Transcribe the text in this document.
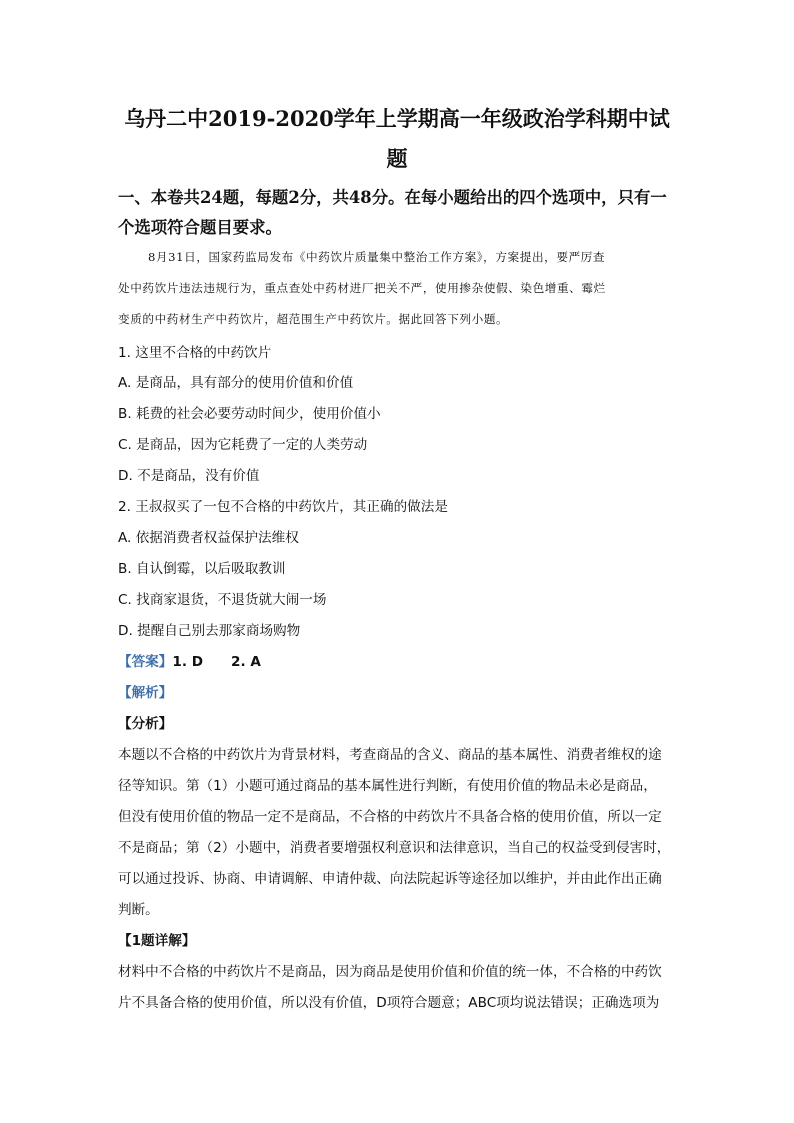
乌丹二中2019-2020学年上学期高一年级政治学科期中试
题
一、本卷共24题，每题2分，共48分。在每小题给出的四个选项中，只有一
个选项符合题目要求。
8月31日，国家药监局发布《中药饮片质量集中整治工作方案》，方案提出，要严厉查
处中药饮片违法违规行为，重点查处中药材进厂把关不严，使用掺杂使假、染色增重、霉烂
变质的中药材生产中药饮片，超范围生产中药饮片。据此回答下列小题。
1. 这里不合格的中药饮片
A. 是商品，具有部分的使用价值和价值
B. 耗费的社会必要劳动时间少，使用价值小
C. 是商品，因为它耗费了一定的人类劳动
D. 不是商品，没有价值
2. 王叔叔买了一包不合格的中药饮片，其正确的做法是
A. 依据消费者权益保护法维权
B. 自认倒霉，以后吸取教训
C. 找商家退货，不退货就大闹一场
D. 提醒自己别去那家商场购物
【答案】1. D 2. A
【解析】
【分析】
本题以不合格的中药饮片为背景材料，考查商品的含义、商品的基本属性、消费者维权的途
径等知识。第（1）小题可通过商品的基本属性进行判断，有使用价值的物品未必是商品，
但没有使用价值的物品一定不是商品，不合格的中药饮片不具备合格的使用价值，所以一定
不是商品；第（2）小题中，消费者要增强权利意识和法律意识，当自己的权益受到侵害时，
可以通过投诉、协商、申请调解、申请仲裁、向法院起诉等途径加以维护，并由此作出正确
判断。
【1题详解】
材料中不合格的中药饮片不是商品，因为商品是使用价值和价值的统一体，不合格的中药饮
片不具备合格的使用价值，所以没有价值，D项符合题意；ABC项均说法错误；正确选项为
